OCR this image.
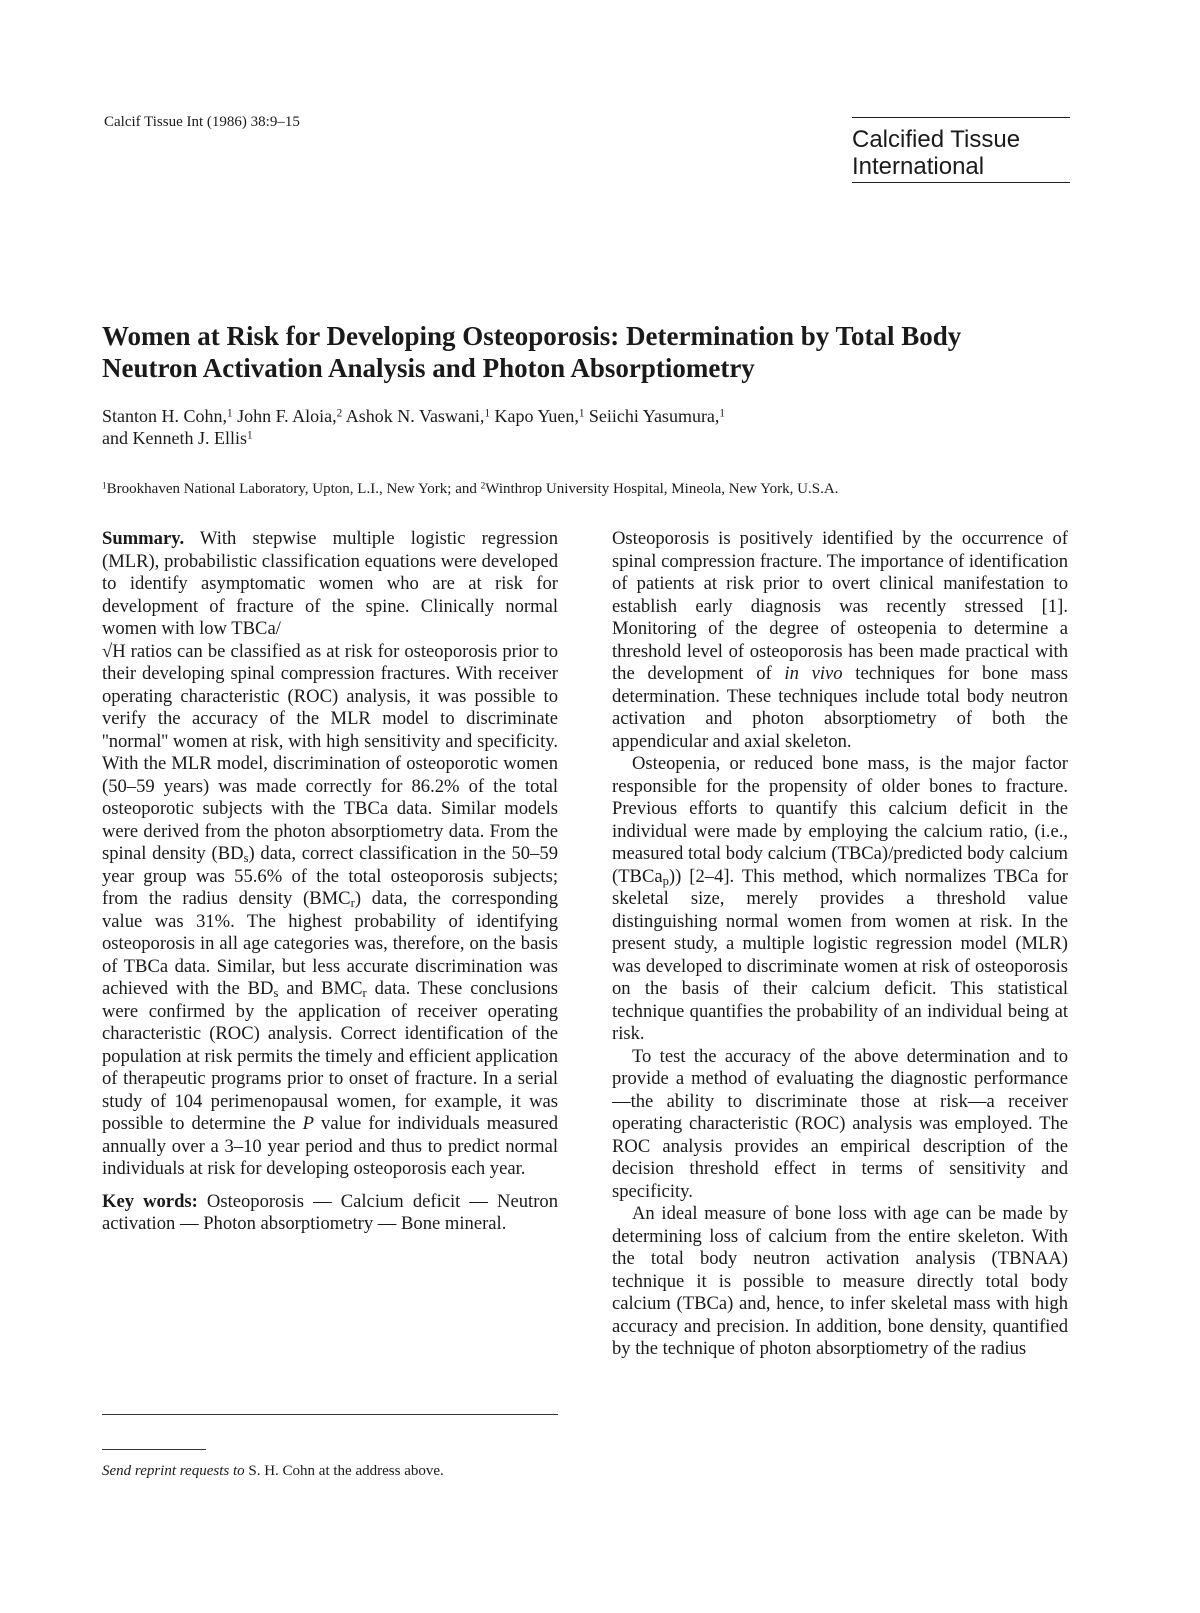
Calcif Tissue Int (1986) 38:9–15
Calcified Tissue
International
Women at Risk for Developing Osteoporosis: Determination by Total Body Neutron Activation Analysis and Photon Absorptiometry
Stanton H. Cohn,$^1$ John F. Aloia,$^2$ Ashok N. Vaswani,$^1$ Kapo Yuen,$^1$ Seiichi Yasumura,$^1$
and Kenneth J. Ellis$^1$
$^1$Brookhaven National Laboratory, Upton, L.I., New York; and $^2$Winthrop University Hospital, Mineola, New York, U.S.A.

Summary. With stepwise multiple logistic regression (MLR), probabilistic classification equations were developed to identify asymptomatic women who are at risk for development of fracture of the spine. Clinically normal women with low TBCa/
√H ratios can be classified as at risk for osteoporosis prior to their developing spinal compression fractures. With receiver operating characteristic (ROC) analysis, it was possible to verify the accuracy of the MLR model to discriminate ''normal'' women at risk, with high sensitivity and specificity. With the MLR model, discrimination of osteoporotic women (50–59 years) was made correctly for 86.2% of the total osteoporotic subjects with the TBCa data. Similar models were derived from the photon absorptiometry data. From the spinal density $(BD_s)$ data, correct classification in the 50–59 year group was 55.6% of the total osteoporosis subjects; from the radius density $(BMC_r)$ data, the corresponding value was 31%. The highest probability of identifying osteoporosis in all age categories was, therefore, on the basis of TBCa data. Similar, but less accurate discrimination was achieved with the $BD_s$ and $BMC_r$ data. These conclusions were confirmed by the application of receiver operating characteristic (ROC) analysis. Correct identification of the population at risk permits the timely and efficient application of therapeutic programs prior to onset of fracture. In a serial study of 104 perimenopausal women, for example, it was possible to determine the P value for individuals measured annually over a 3–10 year period and thus to predict normal individuals at risk for developing osteoporosis each year.

Key words: Osteoporosis — Calcium deficit — Neutron activation — Photon absorptiometry — Bone mineral.

Send reprint requests to S. H. Cohn at the address above.

Osteoporosis is positively identified by the occurrence of spinal compression fracture. The importance of identification of patients at risk prior to overt clinical manifestation to establish early diagnosis was recently stressed [1]. Monitoring of the degree of osteopenia to determine a threshold level of osteoporosis has been made practical with the development of in vivo techniques for bone mass determination. These techniques include total body neutron activation and photon absorptiometry of both the appendicular and axial skeleton.

Osteopenia, or reduced bone mass, is the major factor responsible for the propensity of older bones to fracture. Previous efforts to quantify this calcium deficit in the individual were made by employing the calcium ratio, (i.e., measured total body calcium (TBCa)/predicted body calcium (TBCa$_p$)) [2–4]. This method, which normalizes TBCa for skeletal size, merely provides a threshold value distinguishing normal women from women at risk. In the present study, a multiple logistic regression model (MLR) was developed to discriminate women at risk of osteoporosis on the basis of their calcium deficit. This statistical technique quantifies the probability of an individual being at risk.

To test the accuracy of the above determination and to provide a method of evaluating the diagnostic performance—the ability to discriminate those at risk—a receiver operating characteristic (ROC) analysis was employed. The ROC analysis provides an empirical description of the decision threshold effect in terms of sensitivity and specificity.

An ideal measure of bone loss with age can be made by determining loss of calcium from the entire skeleton. With the total body neutron activation analysis (TBNAA) technique it is possible to measure directly total body calcium (TBCa) and, hence, to infer skeletal mass with high accuracy and precision. In addition, bone density, quantified by the technique of photon absorptiometry of the radius
